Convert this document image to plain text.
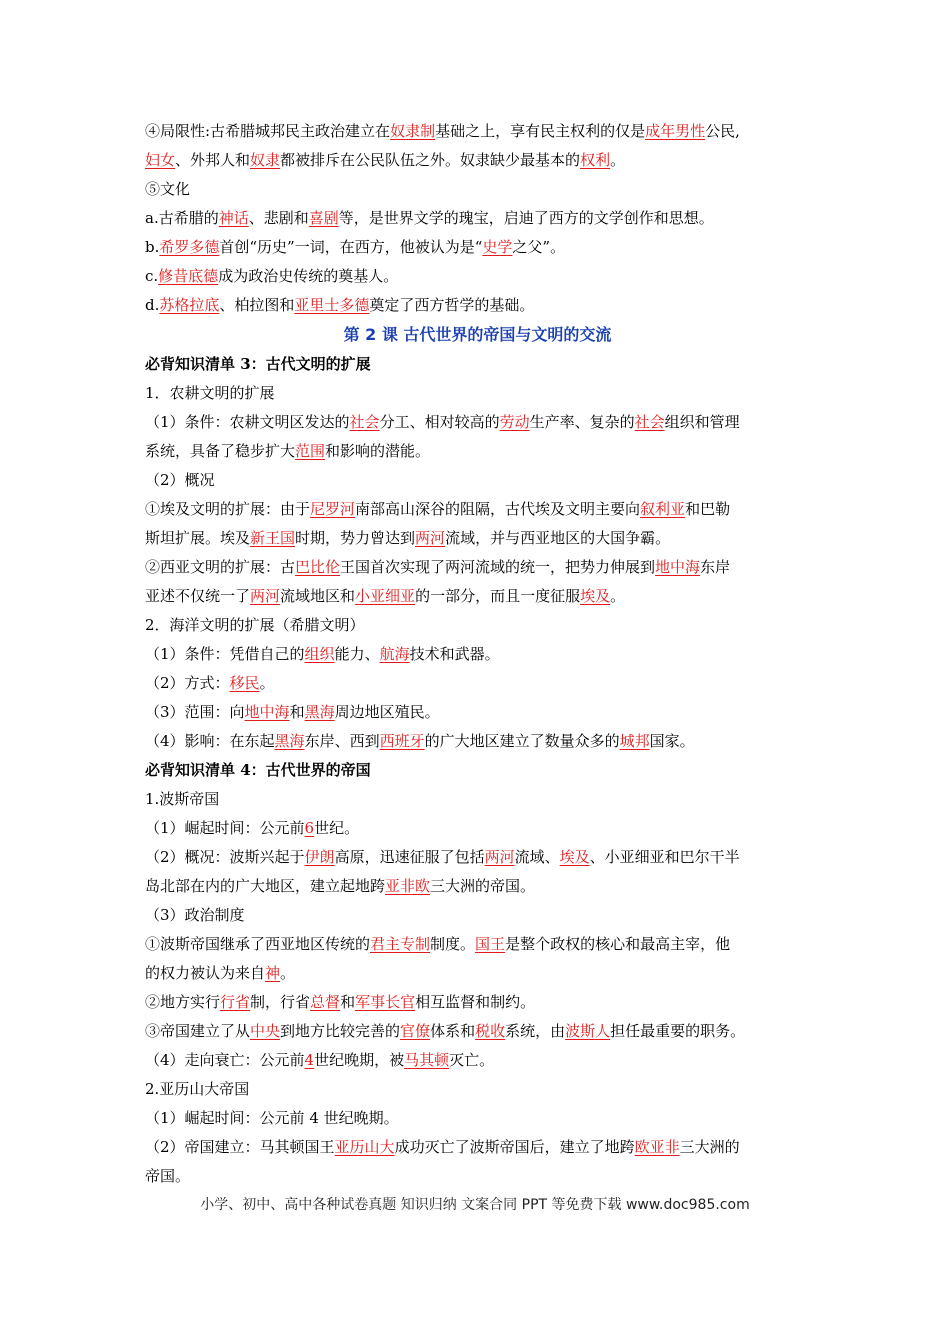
④局限性:古希腊城邦民主政治建立在奴隶制基础之上，享有民主权利的仅是成年男性公民,
妇女、外邦人和奴隶都被排斥在公民队伍之外。奴隶缺少最基本的权利。
⑤文化
a.古希腊的神话、悲剧和喜剧等，是世界文学的瑰宝，启迪了西方的文学创作和思想。
b.希罗多德首创“历史”一词，在西方，他被认为是“史学之父”。
c.修昔底德成为政治史传统的奠基人。
d.苏格拉底、柏拉图和亚里士多德奠定了西方哲学的基础。
第 2 课 古代世界的帝国与文明的交流
必背知识清单 3：古代文明的扩展
1．农耕文明的扩展
（1）条件：农耕文明区发达的社会分工、相对较高的劳动生产率、复杂的社会组织和管理
系统，具备了稳步扩大范围和影响的潜能。
（2）概况
①埃及文明的扩展：由于尼罗河南部高山深谷的阻隔，古代埃及文明主要向叙利亚和巴勒
斯坦扩展。埃及新王国时期，势力曾达到两河流域，并与西亚地区的大国争霸。
②西亚文明的扩展：古巴比伦王国首次实现了两河流域的统一，把势力伸展到地中海东岸
亚述不仅统一了两河流域地区和小亚细亚的一部分，而且一度征服埃及。
2．海洋文明的扩展（希腊文明）
（1）条件：凭借自己的组织能力、航海技术和武器。
（2）方式：移民。
（3）范围：向地中海和黑海周边地区殖民。
（4）影响：在东起黑海东岸、西到西班牙的广大地区建立了数量众多的城邦国家。
必背知识清单 4：古代世界的帝国
1.波斯帝国
（1）崛起时间：公元前6世纪。
（2）概况：波斯兴起于伊朗高原，迅速征服了包括两河流域、埃及、小亚细亚和巴尔干半
岛北部在内的广大地区，建立起地跨亚非欧三大洲的帝国。
（3）政治制度
①波斯帝国继承了西亚地区传统的君主专制制度。国王是整个政权的核心和最高主宰，他
的权力被认为来自神。
②地方实行行省制，行省总督和军事长官相互监督和制约。
③帝国建立了从中央到地方比较完善的官僚体系和税收系统，由波斯人担任最重要的职务。
（4）走向衰亡：公元前4世纪晚期，被马其顿灭亡。
2.亚历山大帝国
（1）崛起时间：公元前 4 世纪晚期。
（2）帝国建立：马其顿国王亚历山大成功灭亡了波斯帝国后，建立了地跨欧亚非三大洲的
帝国。
小学、初中、高中各种试卷真题 知识归纳 文案合同 PPT 等免费下载 www.doc985.com
